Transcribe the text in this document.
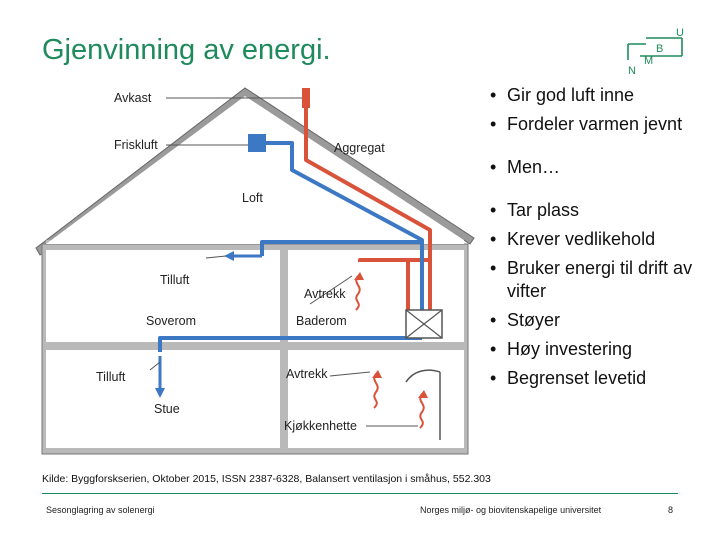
Gjenvinning av energi.
U
B
M
N
Avkast
Friskluft	Aggregat
Loft
Tilluft
Avtrekk
Soverom	Baderom
Tilluft	Avtrekk
Stue
Kjøkkenhette
• Gir god luft inne
• Fordeler varmen jevnt
• Men…
• Tar plass
• Krever vedlikehold
• Bruker energi til drift av vifter
• Støyer
• Høy investering
• Begrenset levetid
Kilde: Byggforskserien, Oktober 2015, ISSN 2387-6328, Balansert ventilasjon i småhus, 552.303
Sesonglagring av solenergi	Norges miljø- og biovitenskapelige universitet	8
